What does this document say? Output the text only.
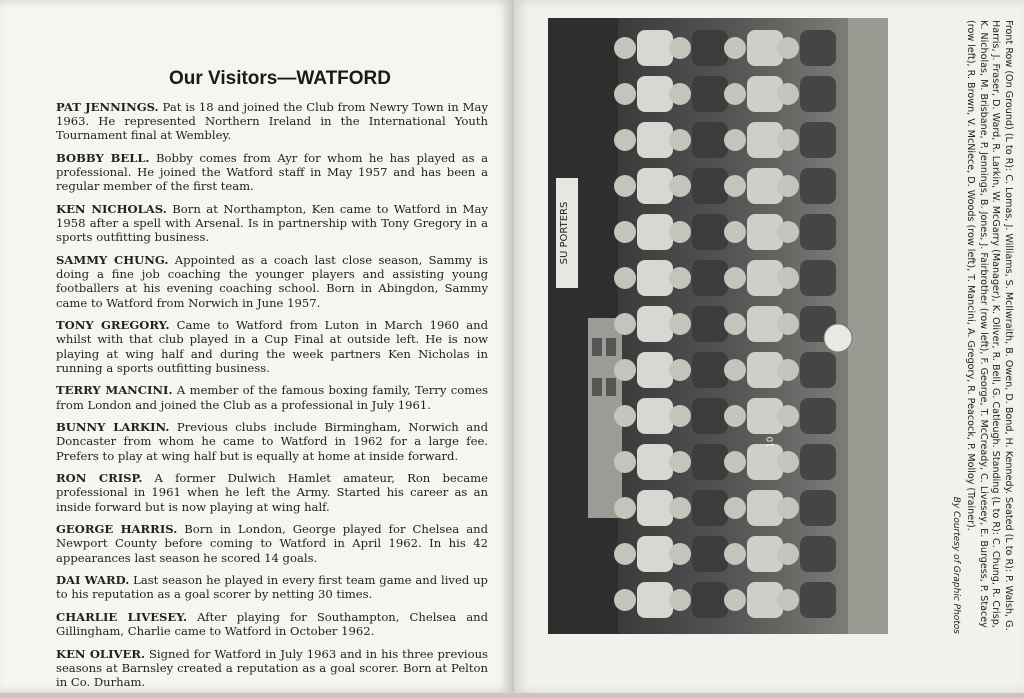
Our Visitors—WATFORD

PAT JENNINGS. Pat is 18 and joined the Club from Newry Town in May 1963. He represented Northern Ireland in the International Youth Tournament final at Wembley.

BOBBY BELL. Bobby comes from Ayr for whom he has played as a professional. He joined the Watford staff in May 1957 and has been a regular member of the first team.

KEN NICHOLAS. Born at Northampton, Ken came to Watford in May 1958 after a spell with Arsenal. Is in partnership with Tony Gregory in a sports outfitting business.

SAMMY CHUNG. Appointed as a coach last close season, Sammy is doing a fine job coaching the younger players and assisting young footballers at his evening coaching school. Born in Abingdon, Sammy came to Watford from Norwich in June 1957.

TONY GREGORY. Came to Watford from Luton in March 1960 and whilst with that club played in a Cup Final at outside left. He is now playing at wing half and during the week partners Ken Nicholas in running a sports outfitting business.

TERRY MANCINI. A member of the famous boxing family, Terry comes from London and joined the Club as a professional in July 1961.

BUNNY LARKIN. Previous clubs include Birmingham, Norwich and Doncaster from whom he came to Watford in 1962 for a large fee. Prefers to play at wing half but is equally at home at inside forward.

RON CRISP. A former Dulwich Hamlet amateur, Ron became professional in 1961 when he left the Army. Started his career as an inside forward but is now playing at wing half.

GEORGE HARRIS. Born in London, George played for Chelsea and Newport County before coming to Watford in April 1962. In his 42 appearances last season he scored 14 goals.

DAI WARD. Last season he played in every first team game and lived up to his reputation as a goal scorer by netting 30 times.

CHARLIE LIVESEY. After playing for Southampton, Chelsea and Gillingham, Charlie came to Watford in October 1962.

KEN OLIVER. Signed for Watford in July 1963 and in his three previous seasons at Barnsley created a reputation as a goal scorer. Born at Pelton in Co. Durham.

SU PORTERS
10	Front Row (On Ground) (L to R): C. Lomas, J. Williams, S. McIlwraith, B. Owen, D. Bond, H. Kennedy. Seated (L to R): P. Walsh, G. Harris, J. Fraser, D. Ward, R. Larkin, W. McGarry (Manager), K. Oliver, R. Bell, G. Catleugh. Standing (L to R): C. Chung, R. Crisp, K. Nicholas, M. Brisbane, P. Jennings, B. Jones, J. Fairbrother (row left), F. George, T. McCready, C. Livesey, E. Burgess, P. Stacey (row left), R. Brown, V. McNiece, D. Woods (row left), T. Mancini, A. Gregory, R. Peacock, P. Molloy (Trainer).

By Courtesy of Graphic Photos
